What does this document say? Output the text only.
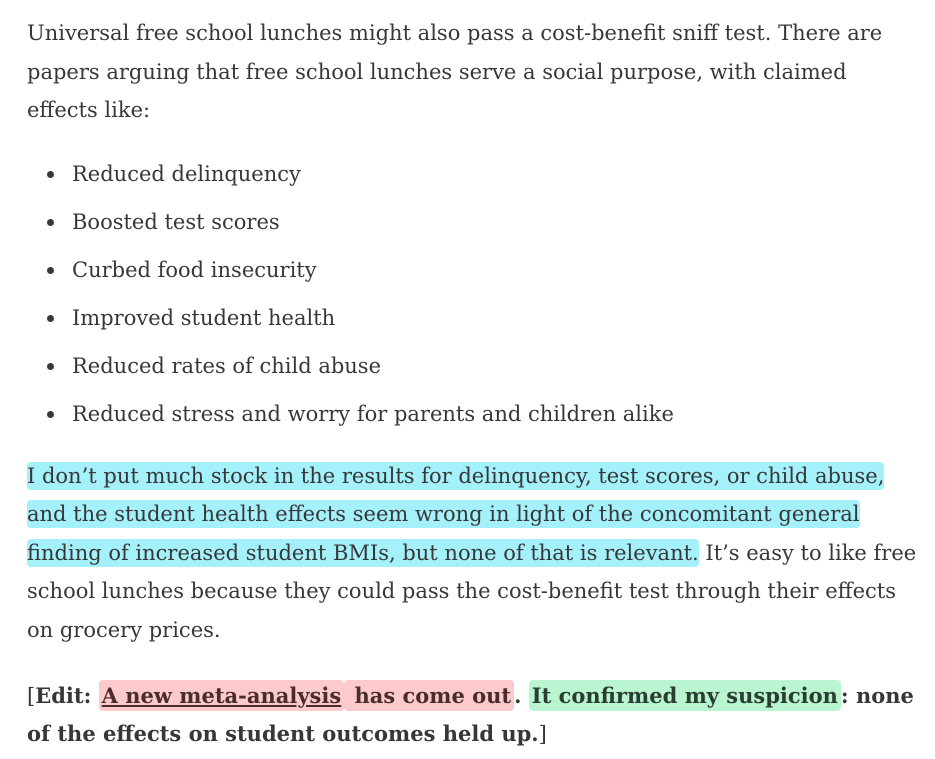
Universal free school lunches might also pass a cost-benefit sniff test. There are papers arguing that free school lunches serve a social purpose, with claimed effects like:

Reduced delinquency
Boosted test scores
Curbed food insecurity
Improved student health
Reduced rates of child abuse
Reduced stress and worry for parents and children alike

I don’t put much stock in the results for delinquency, test scores, or child abuse, and the student health effects seem wrong in light of the concomitant general finding of increased student BMIs, but none of that is relevant. It’s easy to like free school lunches because they could pass the cost-benefit test through their effects on grocery prices.

[Edit: A new meta-analysis has come out . It confirmed my suspicion : none of the effects on student outcomes held up.]
